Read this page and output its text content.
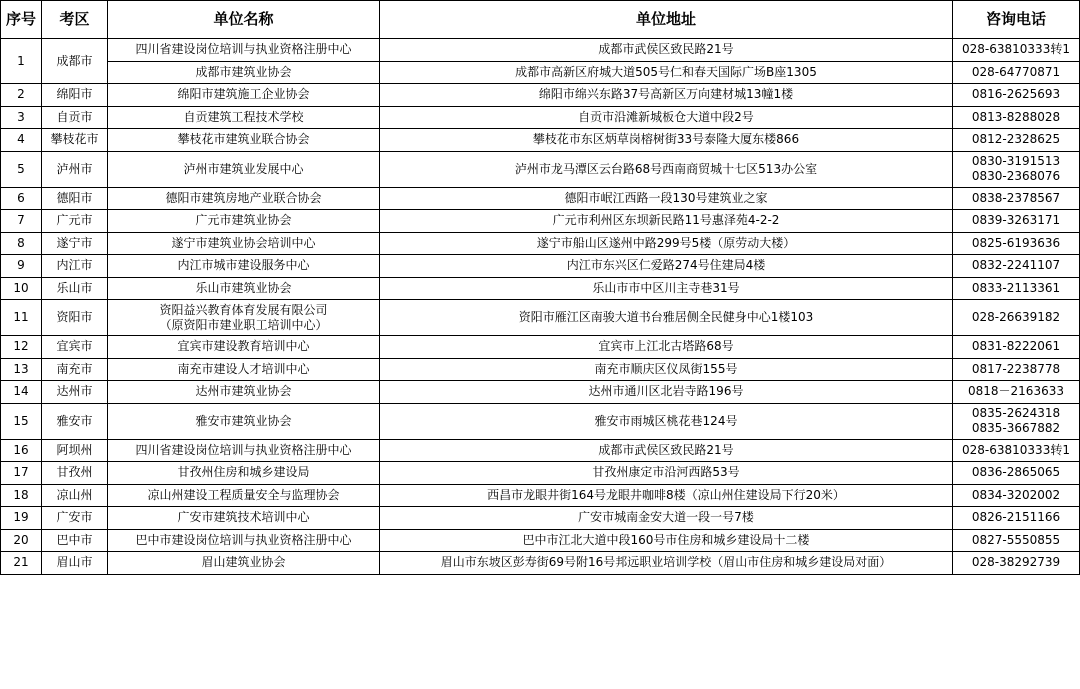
序号	考区	单位名称	单位地址	咨询电话
1	成都市	四川省建设岗位培训与执业资格注册中心	成都市武侯区致民路21号	028-63810333转1
		成都市建筑业协会	成都市高新区府城大道505号仁和春天国际广场B座1305	028-64770871
2	绵阳市	绵阳市建筑施工企业协会	绵阳市绵兴东路37号高新区万向建材城13幢1楼	0816-2625693
3	自贡市	自贡建筑工程技术学校	自贡市沿滩新城板仓大道中段2号	0813-8288028
4	攀枝花市	攀枝花市建筑业联合协会	攀枝花市东区炳草岗榕树街33号泰隆大厦东楼866	0812-2328625
5	泸州市	泸州市建筑业发展中心	泸州市龙马潭区云台路68号西南商贸城十七区513办公室	0830-3191513
0830-2368076

6	德阳市	德阳市建筑房地产业联合协会	德阳市岷江西路一段130号建筑业之家	0838-2378567
7	广元市	广元市建筑业协会	广元市利州区东坝新民路11号惠泽苑4-2-2	0839-3263171
8	遂宁市	遂宁市建筑业协会培训中心	遂宁市船山区遂州中路299号5楼（原劳动大楼）	0825-6193636
9	内江市	内江市城市建设服务中心	内江市东兴区仁爱路274号住建局4楼	0832-2241107
10	乐山市	乐山市建筑业协会	乐山市市中区川主寺巷31号	0833-2113361
11	资阳市	资阳益兴教育体育发展有限公司
（原资阳市建业职工培训中心）	资阳市雁江区南骏大道书台雅居侧全民健身中心1楼103	028-26639182
12	宜宾市	宜宾市建设教育培训中心	宜宾市上江北古塔路68号	0831-8222061
13	南充市	南充市建设人才培训中心	南充市顺庆区仪凤街155号	0817-2238778
14	达州市	达州市建筑业协会	达州市通川区北岩寺路196号	0818－2163633
15	雅安市	雅安市建筑业协会	雅安市雨城区桃花巷124号	0835-2624318
0835-3667882

16	阿坝州	四川省建设岗位培训与执业资格注册中心	成都市武侯区致民路21号	028-63810333转1
17	甘孜州	甘孜州住房和城乡建设局	甘孜州康定市沿河西路53号	0836-2865065
18	凉山州	凉山州建设工程质量安全与监理协会	西昌市龙眼井街164号龙眼井咖啡8楼（凉山州住建设局下行20米）	0834-3202002
19	广安市	广安市建筑技术培训中心	广安市城南金安大道一段一号7楼	0826-2151166
20	巴中市	巴中市建设岗位培训与执业资格注册中心	巴中市江北大道中段160号市住房和城乡建设局十二楼	0827-5550855
21	眉山市	眉山建筑业协会	眉山市东坡区彭寿街69号附16号邦远职业培训学校（眉山市住房和城乡建设局对面）	028-38292739
